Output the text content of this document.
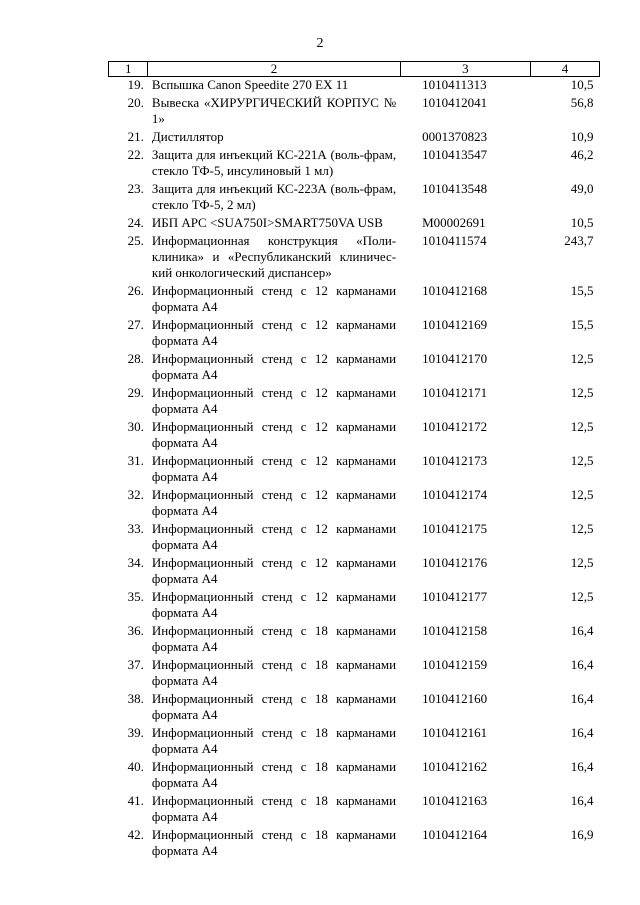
2
1	2	3	4
19.	Вспышка Canon Speedite 270 EX 11	1010411313	10,5
20.	Вывеска «ХИРУРГИЧЕСКИЙ КОРПУС № 1»	1010412041	56,8
21.	Дистиллятор	0001370823	10,9
22.	Защита для инъекций КС-221А (воль-фрам, стекло ТФ-5, инсулиновый 1 мл)	1010413547	46,2
23.	Защита для инъекций КС-223А (воль-фрам, стекло ТФ-5, 2 мл)	1010413548	49,0
24.	ИБП APC <SUA750I>SMART750VA USB	M00002691	10,5
25.	Информационная конструкция «Поли-клиника» и «Республиканский клиничес-кий онкологический диспансер»	1010411574	243,7
26.	Информационный стенд с 12 карманами формата А4	1010412168	15,5
27.	Информационный стенд с 12 карманами формата А4	1010412169	15,5
28.	Информационный стенд с 12 карманами формата А4	1010412170	12,5
29.	Информационный стенд с 12 карманами формата А4	1010412171	12,5
30.	Информационный стенд с 12 карманами формата А4	1010412172	12,5
31.	Информационный стенд с 12 карманами формата А4	1010412173	12,5
32.	Информационный стенд с 12 карманами формата А4	1010412174	12,5
33.	Информационный стенд с 12 карманами формата А4	1010412175	12,5
34.	Информационный стенд с 12 карманами формата А4	1010412176	12,5
35.	Информационный стенд с 12 карманами формата А4	1010412177	12,5
36.	Информационный стенд с 18 карманами формата А4	1010412158	16,4
37.	Информационный стенд с 18 карманами формата А4	1010412159	16,4
38.	Информационный стенд с 18 карманами формата А4	1010412160	16,4
39.	Информационный стенд с 18 карманами формата А4	1010412161	16,4
40.	Информационный стенд с 18 карманами формата А4	1010412162	16,4
41.	Информационный стенд с 18 карманами формата А4	1010412163	16,4
42.	Информационный стенд с 18 карманами формата А4	1010412164	16,9
